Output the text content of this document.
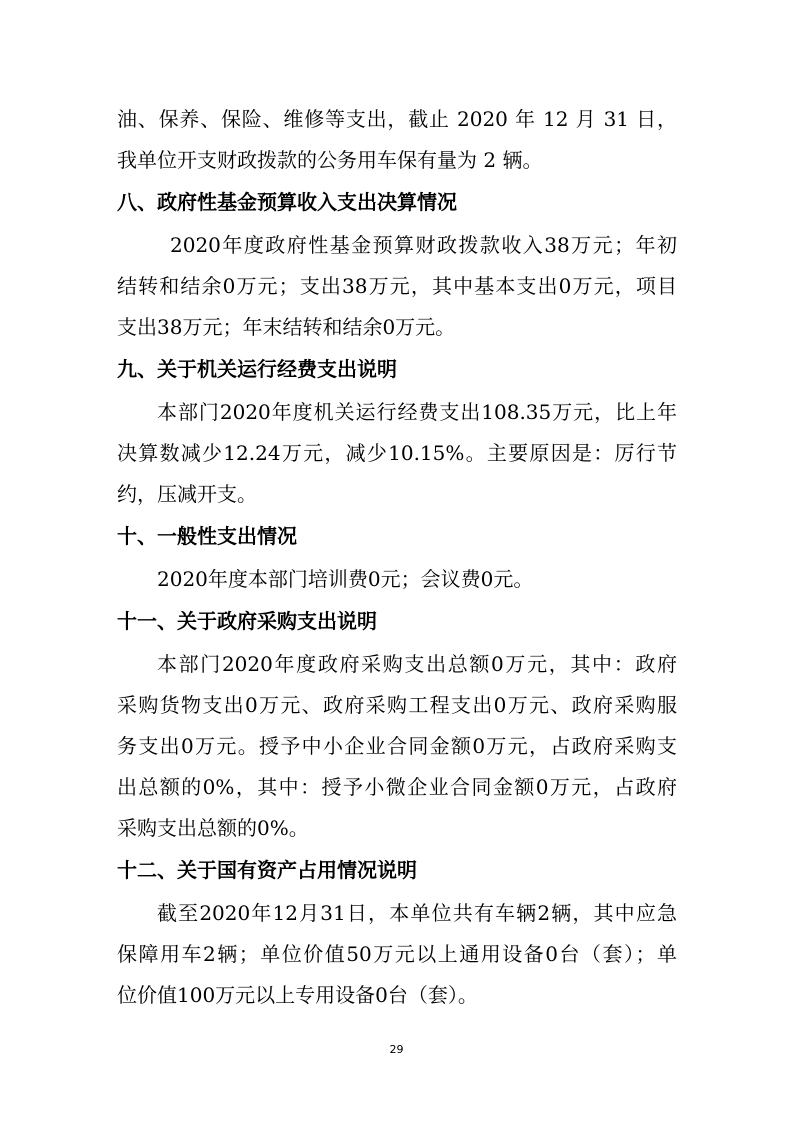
油、保养、保险、维修等支出，截止 2020 年 12 月 31 日，
我单位开支财政拨款的公务用车保有量为 2 辆。
八、政府性基金预算收入支出决算情况
2020年度政府性基金预算财政拨款收入38万元；年初
结转和结余0万元；支出38万元，其中基本支出0万元，项目
支出38万元；年末结转和结余0万元。
九、关于机关运行经费支出说明
本部门2020年度机关运行经费支出108.35万元，比上年
决算数减少12.24万元，减少10.15%。主要原因是：厉行节
约，压减开支。
十、一般性支出情况
2020年度本部门培训费0元；会议费0元。
十一、关于政府采购支出说明
本部门2020年度政府采购支出总额0万元，其中：政府
采购货物支出0万元、政府采购工程支出0万元、政府采购服
务支出0万元。授予中小企业合同金额0万元，占政府采购支
出总额的0%，其中：授予小微企业合同金额0万元，占政府
采购支出总额的0%。
十二、关于国有资产占用情况说明
截至2020年12月31日，本单位共有车辆2辆，其中应急
保障用车2辆；单位价值50万元以上通用设备0台（套）；单
位价值100万元以上专用设备0台（套）。
29
